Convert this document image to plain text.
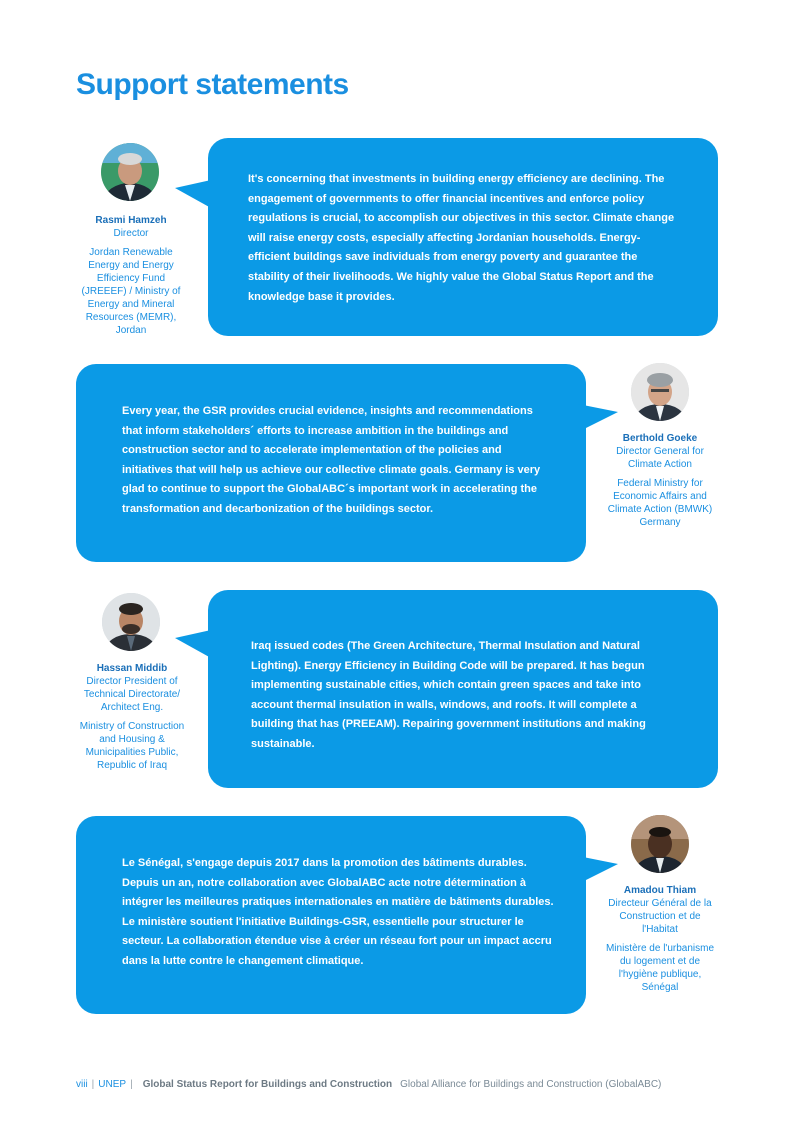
Support statements
Rasmi Hamzeh
Director
Jordan Renewable Energy and Energy Efficiency Fund (JREEEF) / Ministry of Energy and Mineral Resources (MEMR), Jordan

It's concerning that investments in building energy efficiency are declining. The engagement of governments to offer financial incentives and enforce policy regulations is crucial, to accomplish our objectives in this sector. Climate change will raise energy costs, especially affecting Jordanian households. Energy-efficient buildings save individuals from energy poverty and guarantee the stability of their livelihoods. We highly value the Global Status Report and the knowledge base it provides.

Every year, the GSR provides crucial evidence, insights and recommendations that inform stakeholders´ efforts to increase ambition in the buildings and construction sector and to accelerate implementation of the policies and initiatives that will help us achieve our collective climate goals. Germany is very glad to continue to support the GlobalABC´s important work in accelerating the transformation and decarbonization of the buildings sector.

Berthold Goeke
Director General for Climate Action
Federal Ministry for Economic Affairs and Climate Action (BMWK) Germany
Hassan Middib
Director President of Technical Directorate/ Architect Eng.
Ministry of Construction and Housing & Municipalities Public, Republic of Iraq

Iraq issued codes (The Green Architecture, Thermal Insulation and Natural Lighting). Energy Efficiency in Building Code will be prepared. It has begun implementing sustainable cities, which contain green spaces and take into account thermal insulation in walls, windows, and roofs. It will complete a building that has (PREEAM). Repairing government institutions and making sustainable.

Le Sénégal, s'engage depuis 2017 dans la promotion des bâtiments durables. Depuis un an, notre collaboration avec GlobalABC acte notre détermination à intégrer les meilleures pratiques internationales en matière de bâtiments durables. Le ministère soutient l'initiative Buildings-GSR, essentielle pour structurer le secteur. La collaboration étendue vise à créer un réseau fort pour un impact accru dans la lutte contre le changement climatique.

Amadou Thiam
Directeur Général de la Construction et de l'Habitat
Ministère de l'urbanisme du logement et de l'hygiène publique, Sénégal
viii | UNEP | Global Status Report for Buildings and Construction Global Alliance for Buildings and Construction (GlobalABC)
